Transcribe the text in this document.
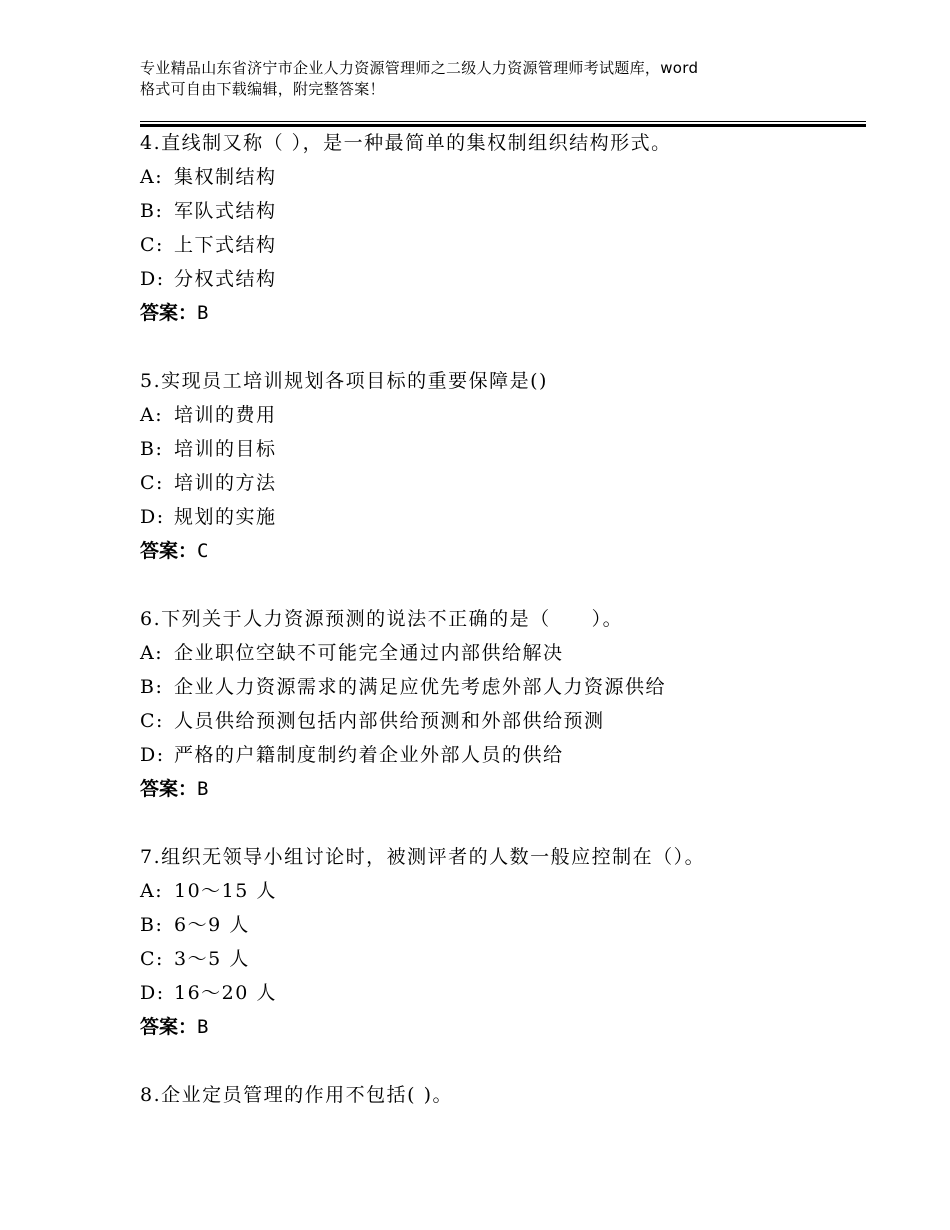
专业精品山东省济宁市企业人力资源管理师之二级人力资源管理师考试题库，word
格式可自由下载编辑，附完整答案！
4.直线制又称（ ），是一种最简单的集权制组织结构形式。
A: 集权制结构
B: 军队式结构
C: 上下式结构
D: 分权式结构
答案：B
5.实现员工培训规划各项目标的重要保障是()
A: 培训的费用
B: 培训的目标
C: 培训的方法
D: 规划的实施
答案：C
6.下列关于人力资源预测的说法不正确的是（　　）。
A: 企业职位空缺不可能完全通过内部供给解决
B: 企业人力资源需求的满足应优先考虑外部人力资源供给
C: 人员供给预测包括内部供给预测和外部供给预测
D: 严格的户籍制度制约着企业外部人员的供给
答案：B
7.组织无领导小组讨论时，被测评者的人数一般应控制在（）。
A: 10～15 人
B: 6～9 人
C: 3～5 人
D: 16～20 人
答案：B
8.企业定员管理的作用不包括( )。
